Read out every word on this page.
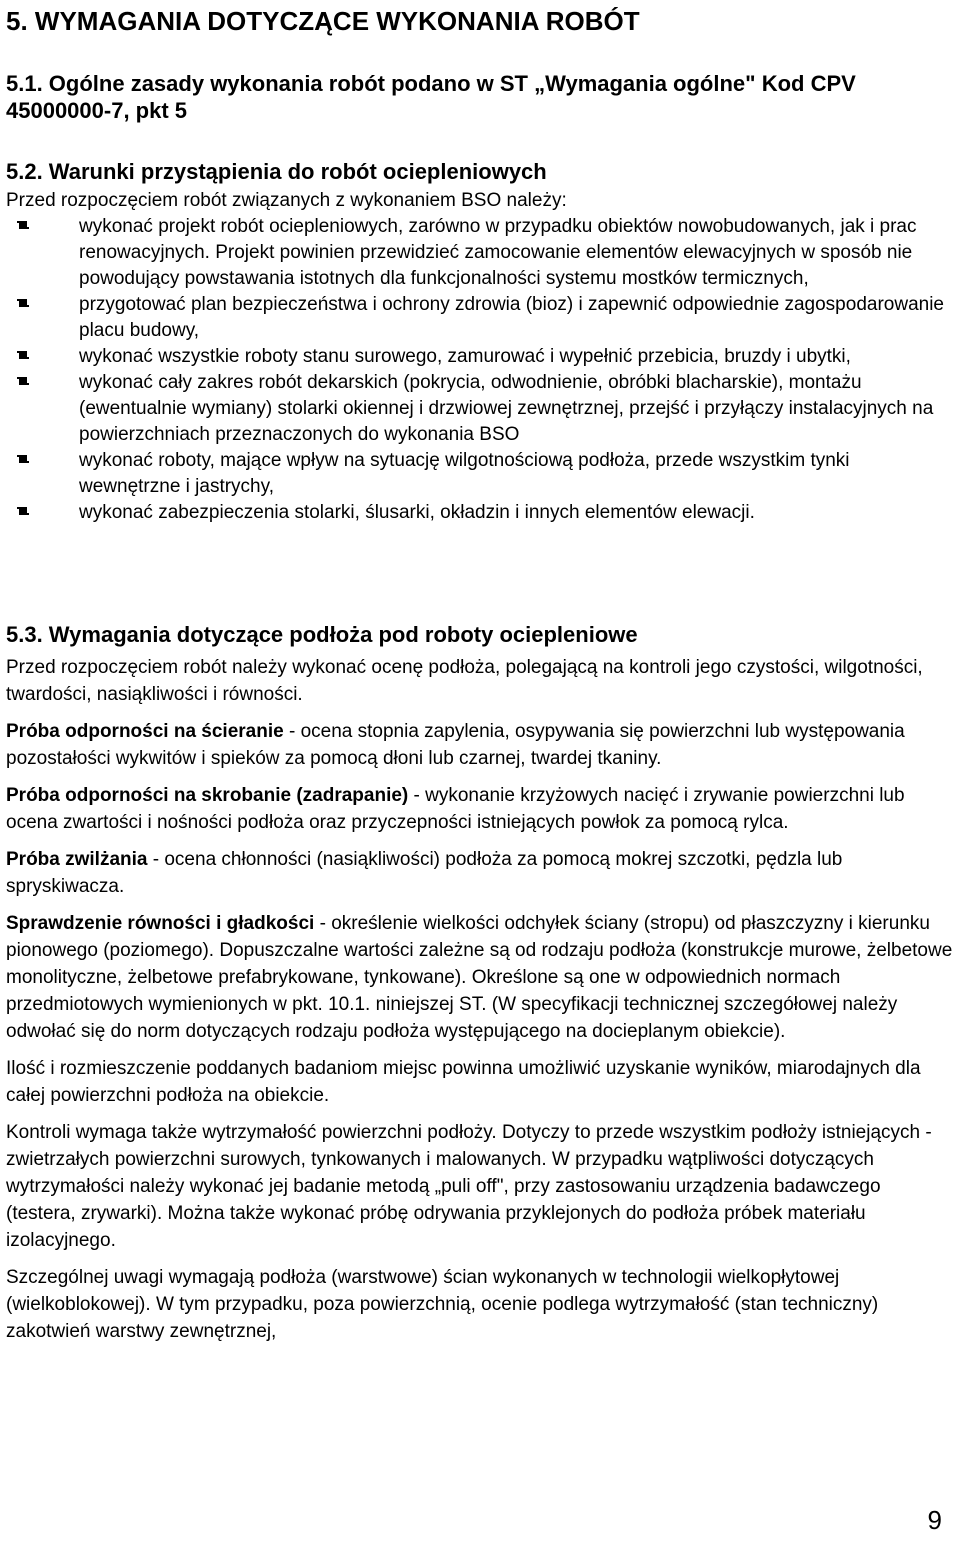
5. WYMAGANIA DOTYCZĄCE WYKONANIA ROBÓT
5.1. Ogólne zasady wykonania robót podano w ST „Wymagania ogólne" Kod CPV 45000000-7, pkt 5
5.2. Warunki przystąpienia do robót ociepleniowych
Przed rozpoczęciem robót związanych z wykonaniem BSO należy:
wykonać projekt robót ociepleniowych, zarówno w przypadku obiektów nowobudowanych, jak i prac renowacyjnych. Projekt powinien przewidzieć zamocowanie elementów elewacyjnych w sposób nie powodujący powstawania istotnych dla funkcjonalności systemu mostków termicznych,
przygotować plan bezpieczeństwa i ochrony zdrowia (bioz) i zapewnić odpowiednie zagospodarowanie placu budowy,
wykonać wszystkie roboty stanu surowego, zamurować i wypełnić przebicia, bruzdy i ubytki,
wykonać cały zakres robót dekarskich (pokrycia, odwodnienie, obróbki blacharskie), montażu (ewentualnie wymiany) stolarki okiennej i drzwiowej zewnętrznej, przejść i przyłączy instalacyjnych na powierzchniach przeznaczonych do wykonania BSO
wykonać roboty, mające wpływ na sytuację wilgotnościową podłoża, przede wszystkim tynki wewnętrzne i jastrychy,
wykonać zabezpieczenia stolarki, ślusarki, okładzin i innych elementów elewacji.
5.3. Wymagania dotyczące podłoża pod roboty ociepleniowe

Przed rozpoczęciem robót należy wykonać ocenę podłoża, polegającą na kontroli jego czystości, wilgotności, twardości, nasiąkliwości i równości.

Próba odporności na ścieranie - ocena stopnia zapylenia, osypywania się powierzchni lub występowania pozostałości wykwitów i spieków za pomocą dłoni lub czarnej, twardej tkaniny.

Próba odporności na skrobanie (zadrapanie) - wykonanie krzyżowych nacięć i zrywanie powierzchni lub ocena zwartości i nośności podłoża oraz przyczepności istniejących powłok za pomocą rylca.

Próba zwilżania - ocena chłonności (nasiąkliwości) podłoża za pomocą mokrej szczotki, pędzla lub spryskiwacza.

Sprawdzenie równości i gładkości - określenie wielkości odchyłek ściany (stropu) od płaszczyzny i kierunku pionowego (poziomego). Dopuszczalne wartości zależne są od rodzaju podłoża (konstrukcje murowe, żelbetowe monolityczne, żelbetowe prefabrykowane, tynkowane). Określone są one w odpowiednich normach przedmiotowych wymienionych w pkt. 10.1. niniejszej ST. (W specyfikacji technicznej szczegółowej należy odwołać się do norm dotyczących rodzaju podłoża występującego na docieplanym obiekcie).

Ilość i rozmieszczenie poddanych badaniom miejsc powinna umożliwić uzyskanie wyników, miarodajnych dla całej powierzchni podłoża na obiekcie.

Kontroli wymaga także wytrzymałość powierzchni podłoży. Dotyczy to przede wszystkim podłoży istniejących - zwietrzałych powierzchni surowych, tynkowanych i malowanych. W przypadku wątpliwości dotyczących wytrzymałości należy wykonać jej badanie metodą „puli off", przy zastosowaniu urządzenia badawczego (testera, zrywarki). Można także wykonać próbę odrywania przyklejonych do podłoża próbek materiału izolacyjnego.

Szczególnej uwagi wymagają podłoża (warstwowe) ścian wykonanych w technologii wielkopłytowej (wielkoblokowej). W tym przypadku, poza powierzchnią, ocenie podlega wytrzymałość (stan techniczny) zakotwień warstwy zewnętrznej,

9
